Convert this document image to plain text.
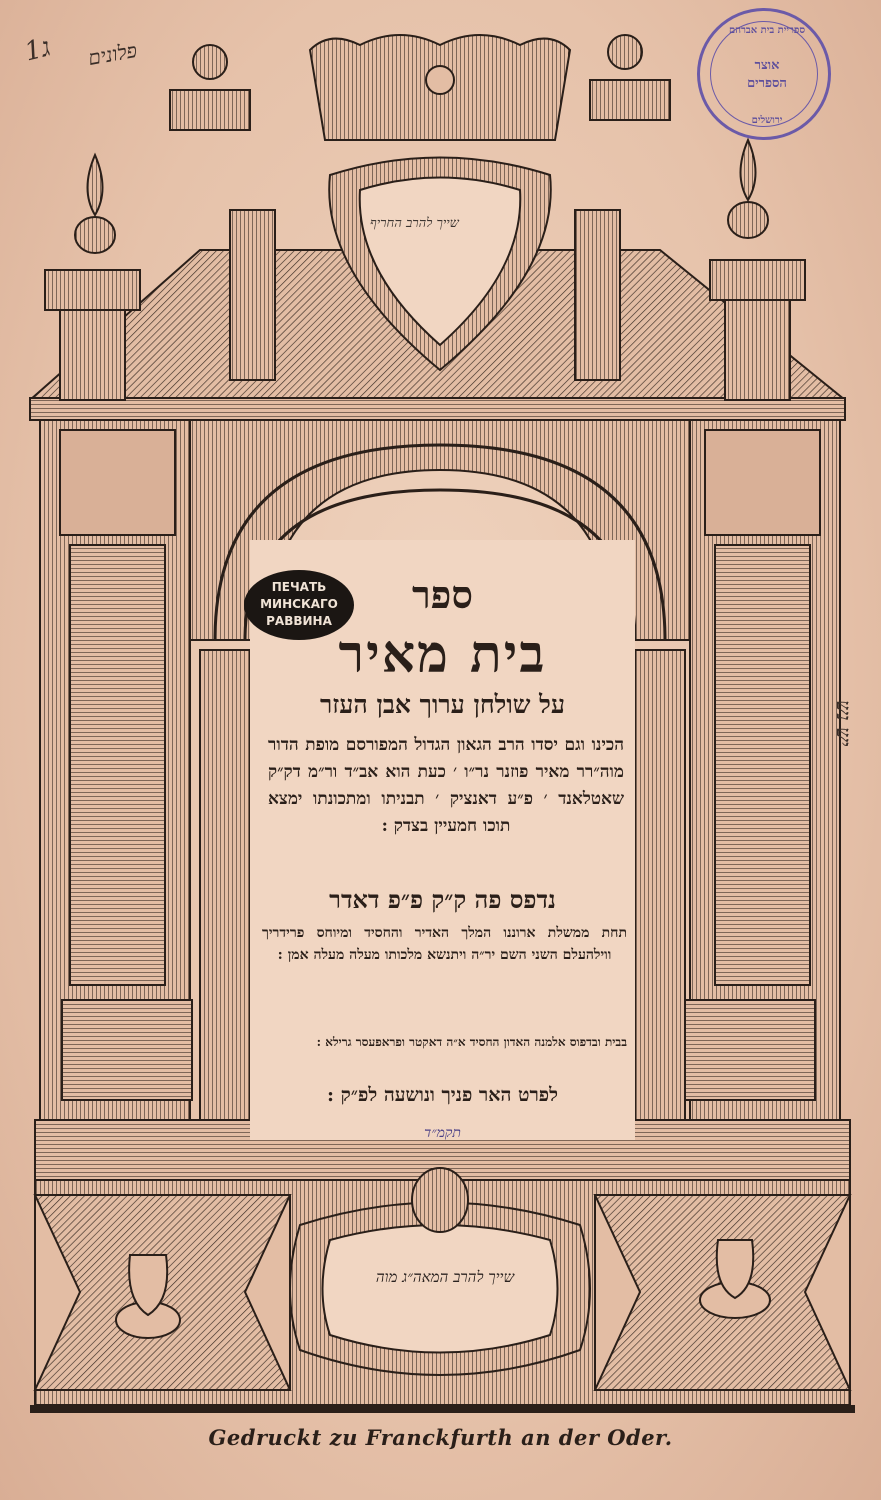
ספר
בית מאיר
על שולחן ערוך אבן העזר
הכינו וגם יסדו הרב הגאון הגדול המפורסם מופת הדור מוה״רר מאיר פוזנר נר״ו ׳ כעת הוא אב״ד ור״מ דק״ק שאטלאנד ׳ פ״ע דאנציק ׳ תבניתו ומתכונתו ימצא תוכו חמעיין בצדק :
נדפס פה ק״ק פ״פ דאדר
תחת ממשלת ארוננו המלך האדיר והחסיד ומיוחס פרידריך ווילהעלם השני השם יר״ה ויתנשא מלכותו מעלה מעלה אמן :
בבית ובדפוס אלמנה האדון החסיד א״ה דאקטר ופראפעסר גרילא :
לפרט האר פניך ונושעה לפ״ק :
תקמ״ד
Gedruckt zu Franckfurth an der Oder.
1ג פלונים
שייך להרב החריף
שייך להרב המאה״ג מוה
יש נש
ПЕЧАТЬ
МИНСКАГО
РАВВИНА
ספריית בית אברהם
אוצר
הספרים
ירושלים
